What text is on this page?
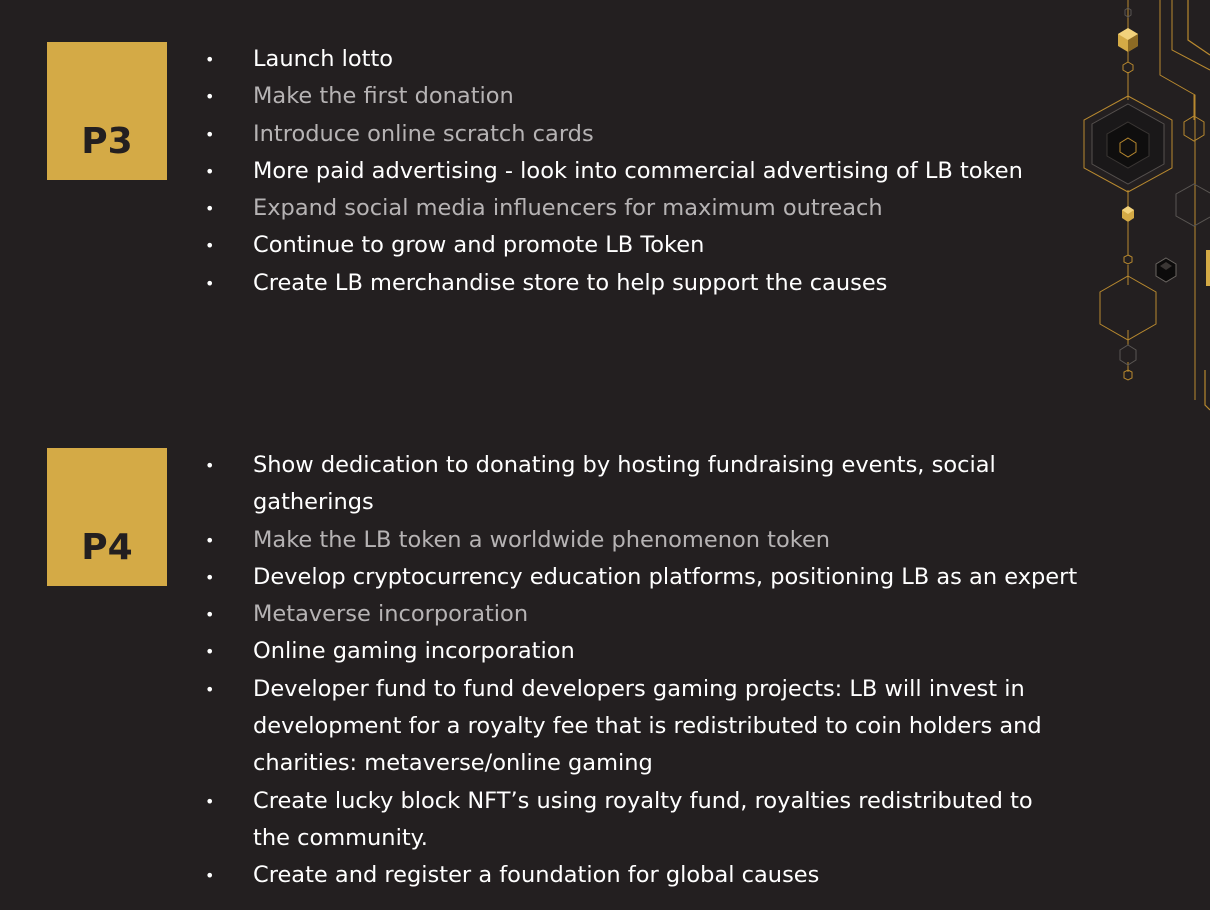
P3
• Launch lotto
• Make the first donation
• Introduce online scratch cards
• More paid advertising - look into commercial advertising of LB token
• Expand social media influencers for maximum outreach
• Continue to grow and promote LB Token
• Create LB merchandise store to help support the causes
P4
• Show dedication to donating by hosting fundraising events, social gatherings
• Make the LB token a worldwide phenomenon token
• Develop cryptocurrency education platforms, positioning LB as an expert
• Metaverse incorporation
• Online gaming incorporation
• Developer fund to fund developers gaming projects: LB will invest in development for a royalty fee that is redistributed to coin holders and charities: metaverse/online gaming
• Create lucky block NFT’s using royalty fund, royalties redistributed to the community.
• Create and register a foundation for global causes
